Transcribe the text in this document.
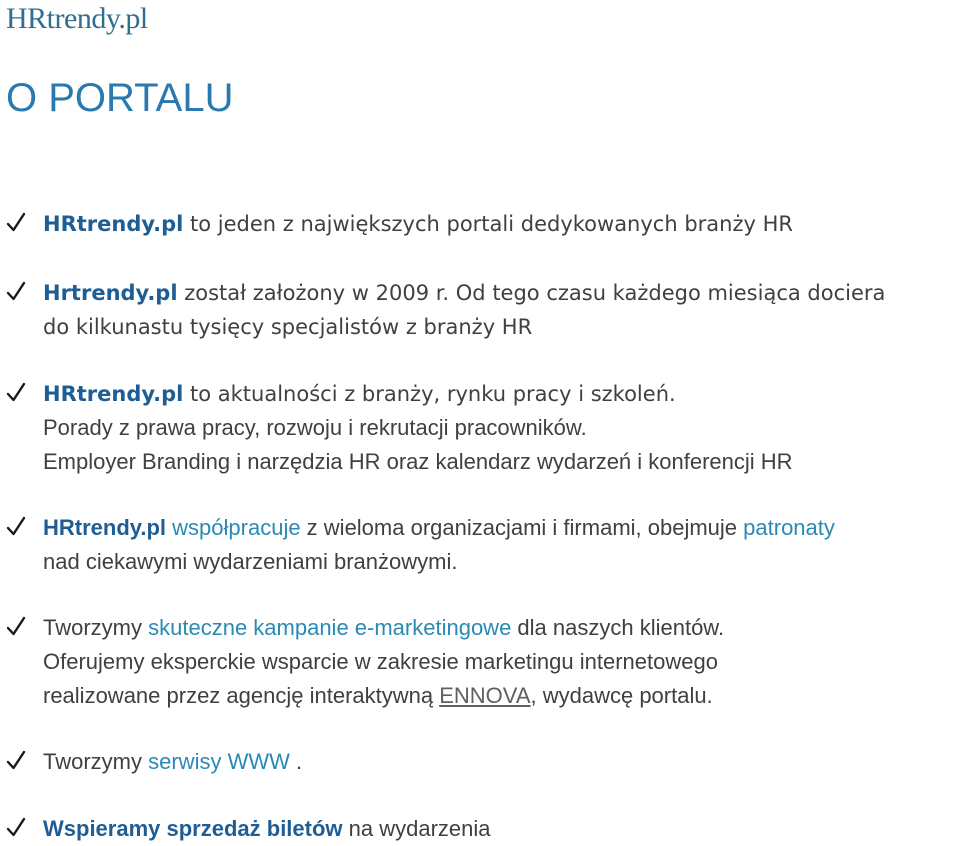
HRtrendy.pl
O PORTALU
HRtrendy.pl to jeden z największych portali dedykowanych branży HR
Hrtrendy.pl został założony w 2009 r. Od tego czasu każdego miesiąca dociera
do kilkunastu tysięcy specjalistów z branży HR
HRtrendy.pl to aktualności z branży, rynku pracy i szkoleń.
Porady z prawa pracy, rozwoju i rekrutacji pracowników.
Employer Branding i narzędzia HR oraz kalendarz wydarzeń i konferencji HR
HRtrendy.pl współpracuje z wieloma organizacjami i firmami, obejmuje patronaty
nad ciekawymi wydarzeniami branżowymi.
Tworzymy skuteczne kampanie e-marketingowe dla naszych klientów.
Oferujemy eksperckie wsparcie w zakresie marketingu internetowego
realizowane przez agencję interaktywną ENNOVA, wydawcę portalu.
Tworzymy serwisy WWW .
Wspieramy sprzedaż biletów na wydarzenia
